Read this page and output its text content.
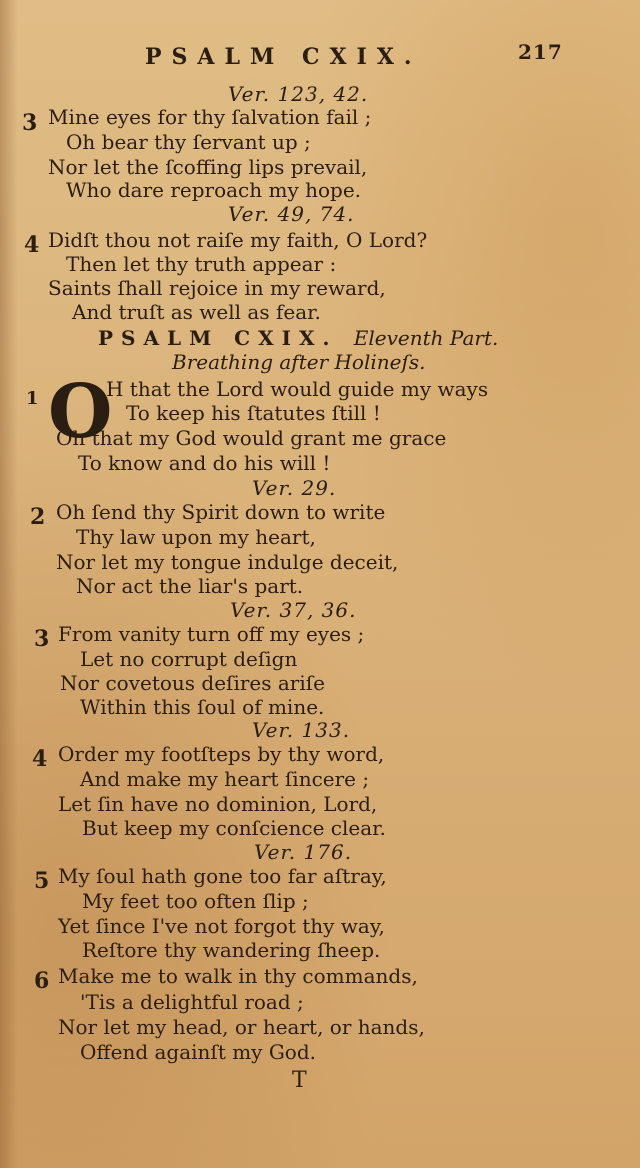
PSALM CXIX.	217
Ver. 123, 42.
3 Mine eyes for thy ſalvation fail ;
Oh bear thy ſervant up ;
Nor let the ſcoffing lips prevail,
Who dare reproach my hope.
Ver. 49, 74.
4 Didſt thou not raiſe my faith, O Lord?
Then let thy truth appear :
Saints ſhall rejoice in my reward,
And truſt as well as fear.
PSALM CXIX. Eleventh Part.
Breathing after Holineſs.
1 O
H that the Lord would guide my ways
To keep his ſtatutes ſtill !
Oh that my God would grant me grace
To know and do his will !
Ver. 29.
2 Oh ſend thy Spirit down to write
Thy law upon my heart,
Nor let my tongue indulge deceit,
Nor act the liar's part.
Ver. 37, 36.
3 From vanity turn off my eyes ;
Let no corrupt deſign
Nor covetous deſires ariſe
Within this ſoul of mine.
Ver. 133.
4 Order my footſteps by thy word,
And make my heart ſincere ;
Let ſin have no dominion, Lord,
But keep my conſcience clear.
Ver. 176.
5 My ſoul hath gone too far aſtray,
My feet too often ſlip ;
Yet ſince I've not forgot thy way,
Reſtore thy wandering ſheep.
6 Make me to walk in thy commands,
'Tis a delightful road ;
Nor let my head, or heart, or hands,
Offend againſt my God.
T
